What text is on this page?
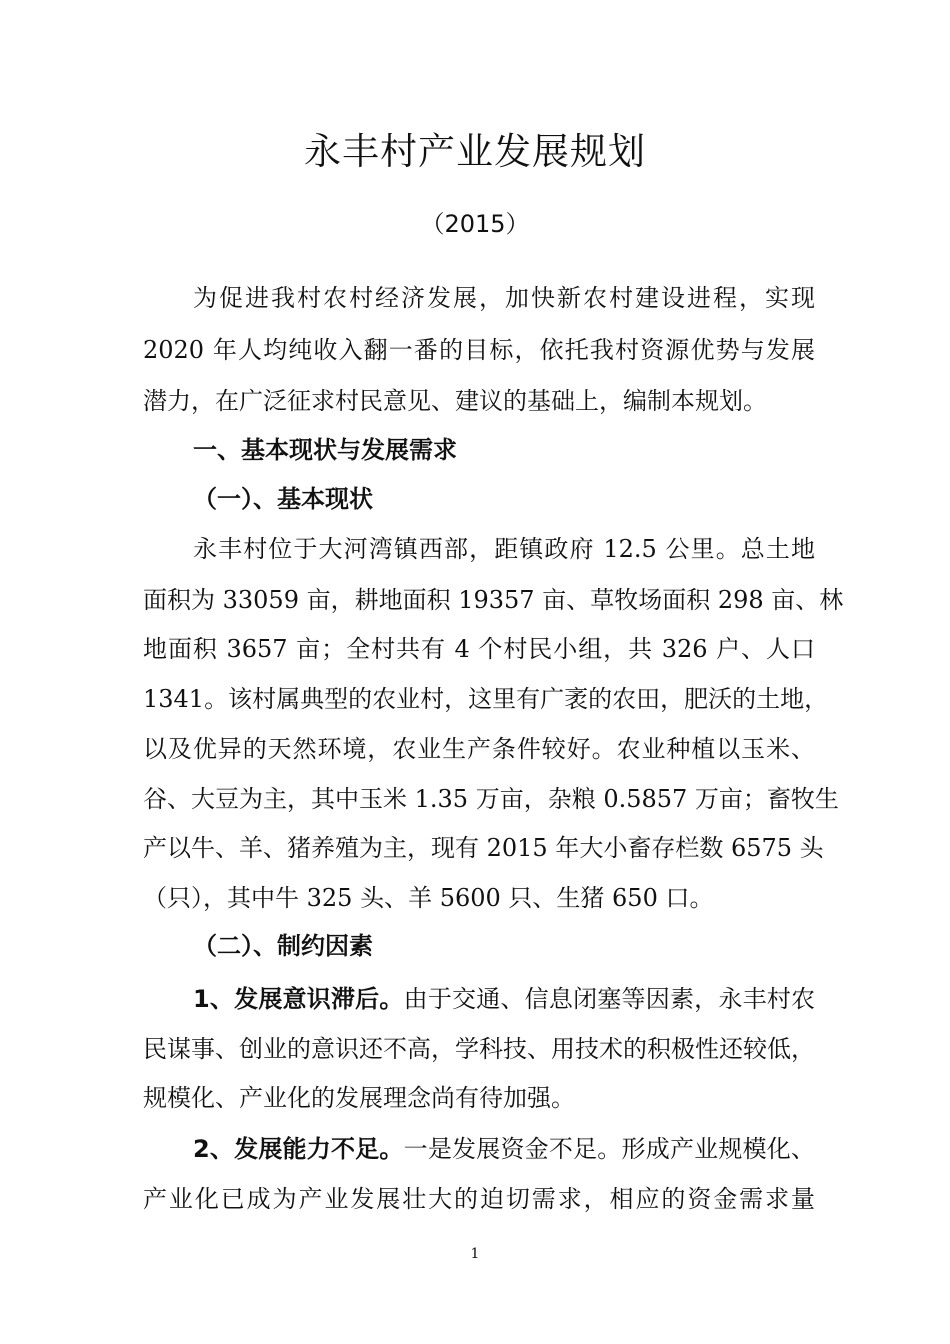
永丰村产业发展规划
（2015）
为促进我村农村经济发展，加快新农村建设进程，实现
2020 年人均纯收入翻一番的目标，依托我村资源优势与发展
潜力，在广泛征求村民意见、建议的基础上，编制本规划。
一、基本现状与发展需求
（一）、基本现状
永丰村位于大河湾镇西部，距镇政府 12.5 公里。总土地
面积为 33059 亩，耕地面积 19357 亩、草牧场面积 298 亩、林
地面积 3657 亩；全村共有 4 个村民小组，共 326 户、人口
1341。该村属典型的农业村，这里有广袤的农田，肥沃的土地，
以及优异的天然环境，农业生产条件较好。农业种植以玉米、
谷、大豆为主，其中玉米 1.35 万亩，杂粮 0.5857 万亩；畜牧生
产以牛、羊、猪养殖为主，现有 2015 年大小畜存栏数 6575 头
（只），其中牛 325 头、羊 5600 只、生猪 650 口。
（二）、制约因素
1、发展意识滞后。由于交通、信息闭塞等因素，永丰村农
民谋事、创业的意识还不高，学科技、用技术的积极性还较低，
规模化、产业化的发展理念尚有待加强。
2、发展能力不足。一是发展资金不足。形成产业规模化、
产业化已成为产业发展壮大的迫切需求，相应的资金需求量
1
